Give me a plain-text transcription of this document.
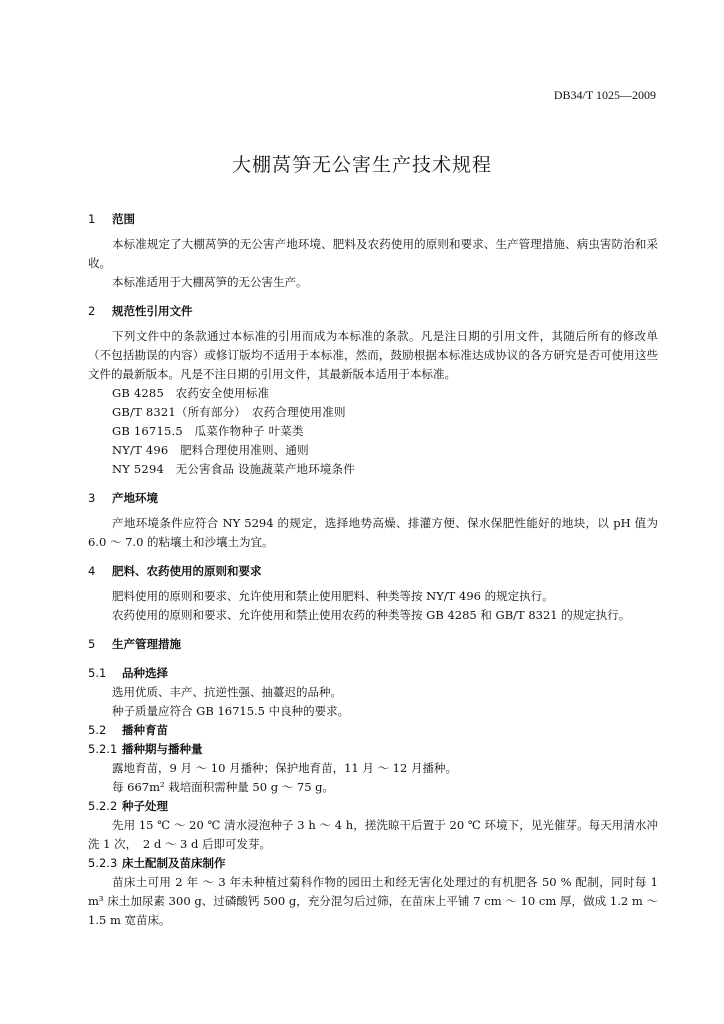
DB34/T 1025—2009
大棚莴笋无公害生产技术规程
1 范围

本标准规定了大棚莴笋的无公害产地环境、肥料及农药使用的原则和要求、生产管理措施、病虫害防治和采收。

本标准适用于大棚莴笋的无公害生产。

2 规范性引用文件

下列文件中的条款通过本标准的引用而成为本标准的条款。凡是注日期的引用文件，其随后所有的修改单（不包括勘误的内容）或修订版均不适用于本标准，然而，鼓励根据本标准达成协议的各方研究是否可使用这些文件的最新版本。凡是不注日期的引用文件，其最新版本适用于本标准。

GB 4285　农药安全使用标准

GB/T 8321（所有部分）　农药合理使用准则

GB 16715.5　瓜菜作物种子 叶菜类

NY/T 496　肥料合理使用准则、通则

NY 5294　无公害食品 设施蔬菜产地环境条件

3 产地环境

产地环境条件应符合 NY 5294 的规定，选择地势高燥、排灌方便、保水保肥性能好的地块，以 pH 值为 6.0 ～ 7.0 的粘壤土和沙壤土为宜。

4 肥料、农药使用的原则和要求

肥料使用的原则和要求、允许使用和禁止使用肥料、种类等按 NY/T 496 的规定执行。

农药使用的原则和要求、允许使用和禁止使用农药的种类等按 GB 4285 和 GB/T 8321 的规定执行。

5 生产管理措施
5.1 品种选择

选用优质、丰产、抗逆性强、抽薹迟的品种。

种子质量应符合 GB 16715.5 中良种的要求。

5.2 播种育苗
5.2.1 播种期与播种量

露地育苗，9 月 ～ 10 月播种；保护地育苗，11 月 ～ 12 月播种。

每 667m² 栽培面积需种量 50 g ～ 75 g。

5.2.2 种子处理

先用 15 ℃ ～ 20 ℃ 清水浸泡种子 3 h ～ 4 h，搓洗晾干后置于 20 ℃ 环境下，见光催芽。每天用清水冲洗 1 次，　2 d ～ 3 d 后即可发芽。

5.2.3 床土配制及苗床制作

苗床土可用 2 年 ～ 3 年未种植过菊科作物的园田土和经无害化处理过的有机肥各 50 % 配制，同时每 1 m³ 床土加尿素 300 g、过磷酸钙 500 g，充分混匀后过筛，在苗床上平铺 7 cm ～ 10 cm 厚，做成 1.2 m ～ 1.5 m 宽苗床。
